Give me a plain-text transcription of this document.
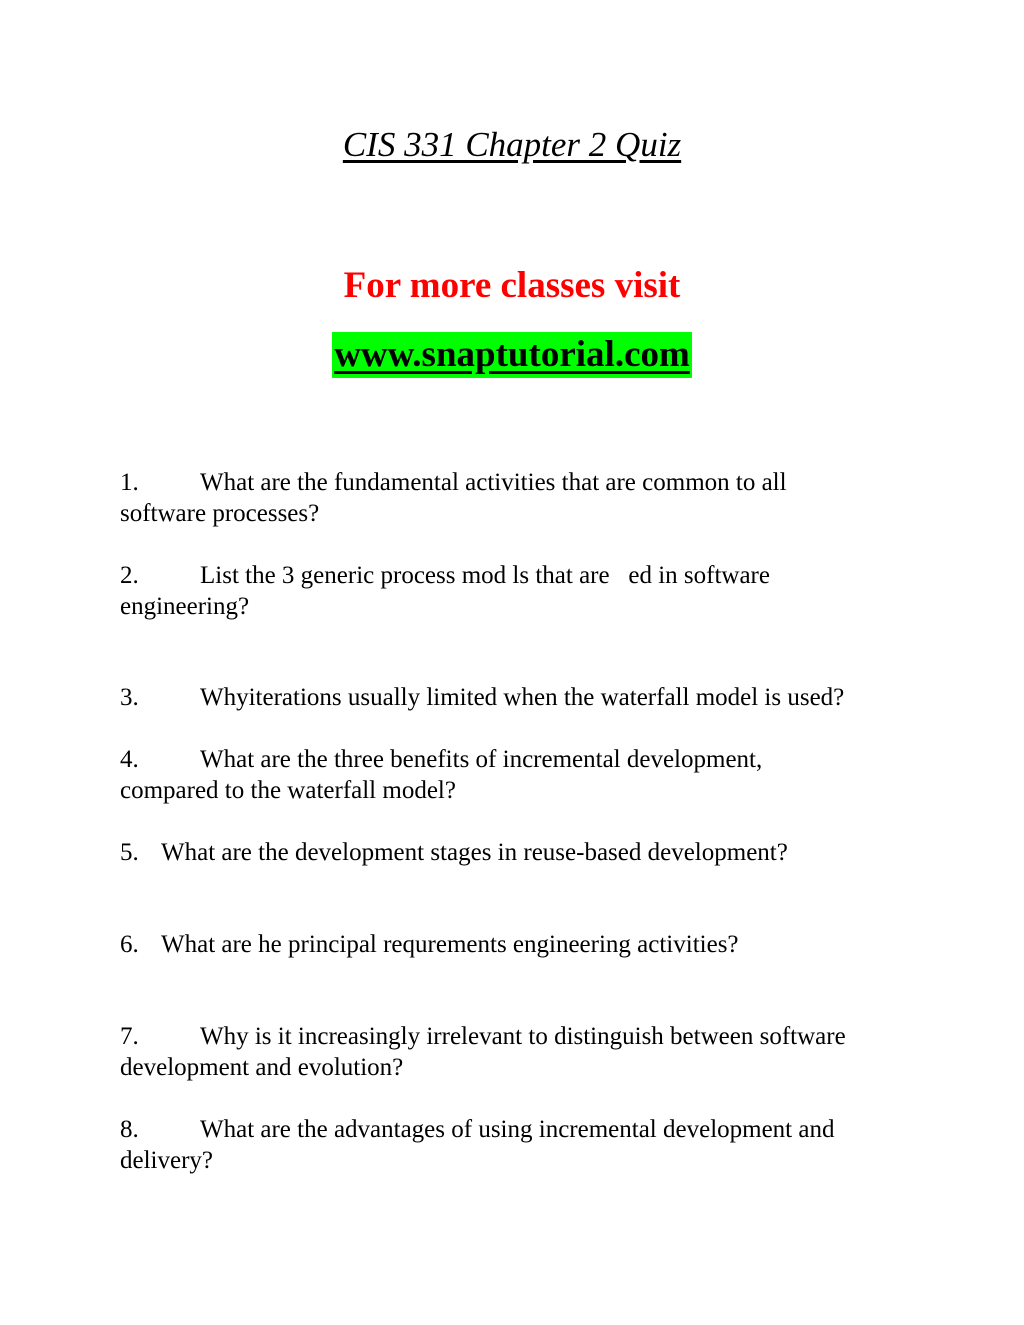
CIS 331 Chapter 2 Quiz
For more classes visit
www.snaptutorial.com
1. What are the fundamental activities that are common to all
software processes?
2. List the 3 generic process mod ls that are   ed in software
engineering?
3. Whyiterations usually limited when the waterfall model is used?
4. What are the three benefits of incremental development,
compared to the waterfall model?
5. What are the development stages in reuse-based development?
6. What are he principal requrements engineering activities?
7. Why is it increasingly irrelevant to distinguish between software
development and evolution?
8. What are the advantages of using incremental development and
delivery?
